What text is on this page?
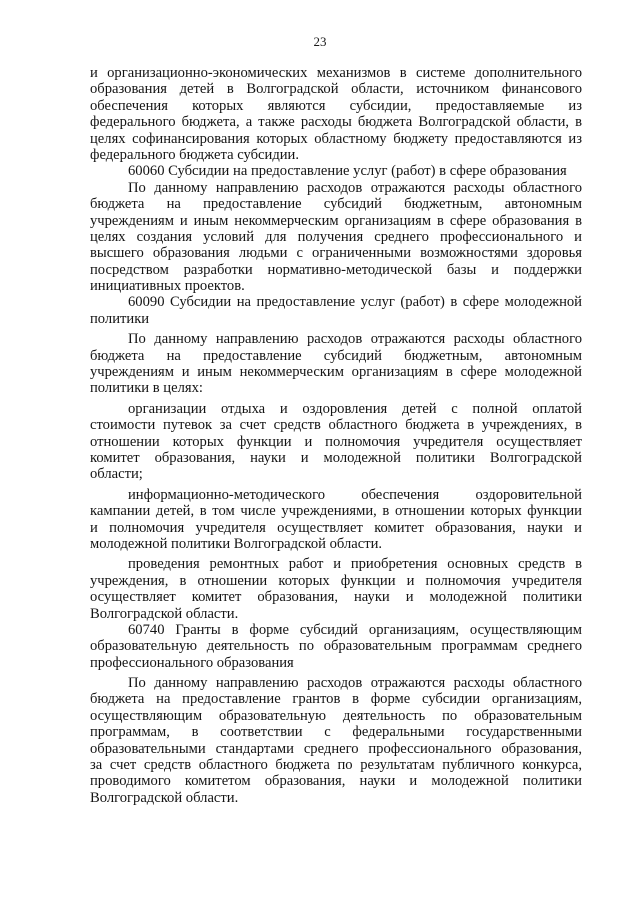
23
и организационно-экономических механизмов в системе дополнительного
образования детей в Волгоградской области, источником финансового
обеспечения которых являются субсидии, предоставляемые из
федерального бюджета, а также расходы бюджета Волгоградской области, в
целях софинансирования которых областному бюджету предоставляются из
федерального бюджета субсидии.
60060 Субсидии на предоставление услуг (работ) в сфере образования
По данному направлению расходов отражаются расходы областного
бюджета на предоставление субсидий бюджетным, автономным
учреждениям и иным некоммерческим организациям в сфере образования в
целях создания условий для получения среднего профессионального и
высшего образования людьми с ограниченными возможностями здоровья
посредством разработки нормативно-методической базы и поддержки
инициативных проектов.
60090 Субсидии на предоставление услуг (работ) в сфере молодежной
политики
По данному направлению расходов отражаются расходы областного
бюджета на предоставление субсидий бюджетным, автономным
учреждениям и иным некоммерческим организациям в сфере молодежной
политики в целях:
организации отдыха и оздоровления детей с полной оплатой
стоимости путевок за счет средств областного бюджета в учреждениях, в
отношении которых функции и полномочия учредителя осуществляет
комитет образования, науки и молодежной политики Волгоградской
области;
информационно-методического обеспечения оздоровительной
кампании детей, в том числе учреждениями, в отношении которых функции
и полномочия учредителя осуществляет комитет образования, науки и
молодежной политики Волгоградской области.
проведения ремонтных работ и приобретения основных средств в
учреждения, в отношении которых функции и полномочия учредителя
осуществляет комитет образования, науки и молодежной политики
Волгоградской области.
60740 Гранты в форме субсидий организациям, осуществляющим
образовательную деятельность по образовательным программам среднего
профессионального образования
По данному направлению расходов отражаются расходы областного
бюджета на предоставление грантов в форме субсидии организациям,
осуществляющим образовательную деятельность по образовательным
программам, в соответствии с федеральными государственными
образовательными стандартами среднего профессионального образования,
за счет средств областного бюджета по результатам публичного конкурса,
проводимого комитетом образования, науки и молодежной политики
Волгоградской области.
